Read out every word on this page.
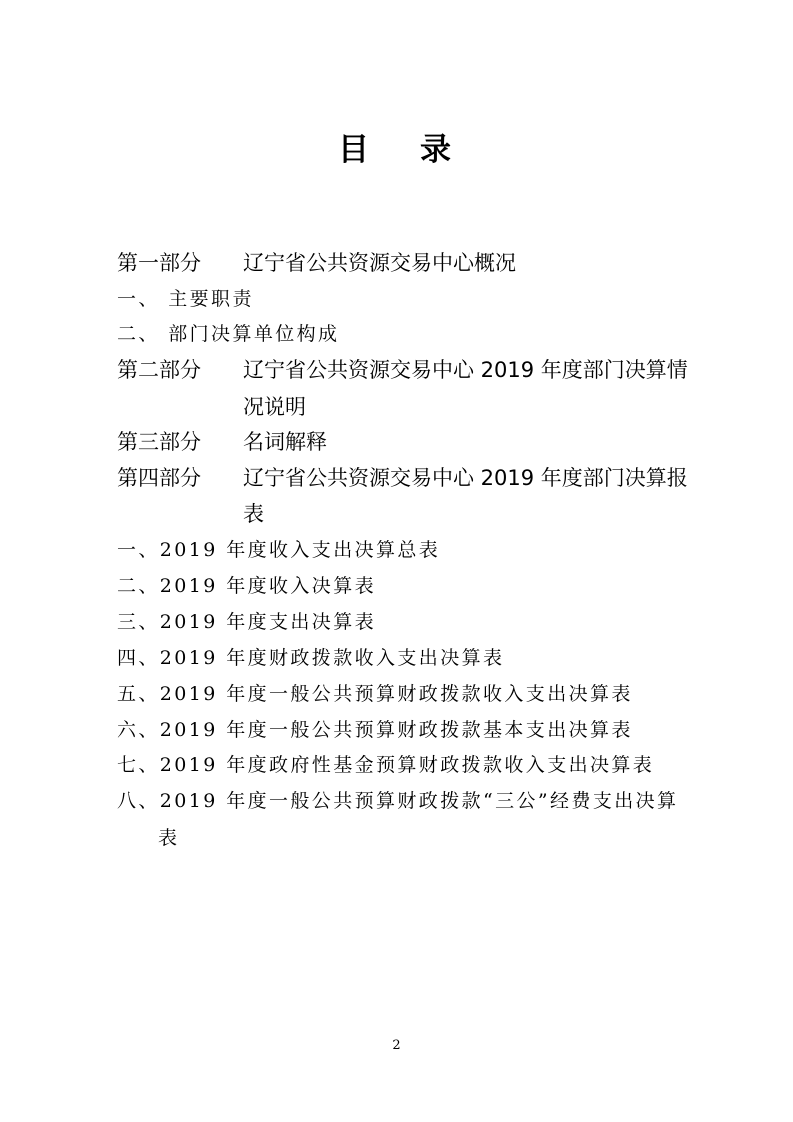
目 录
第一部分 辽宁省公共资源交易中心概况
一、 主要职责
二、 部门决算单位构成
第二部分 辽宁省公共资源交易中心 2019 年度部门决算情
况说明
第三部分 名词解释
第四部分 辽宁省公共资源交易中心 2019 年度部门决算报
表
一、2019 年度收入支出决算总表
二、2019 年度收入决算表
三、2019 年度支出决算表
四、2019 年度财政拨款收入支出决算表
五、2019 年度一般公共预算财政拨款收入支出决算表
六、2019 年度一般公共预算财政拨款基本支出决算表
七、2019 年度政府性基金预算财政拨款收入支出决算表
八、2019 年度一般公共预算财政拨款“三公”经费支出决算
表
2
